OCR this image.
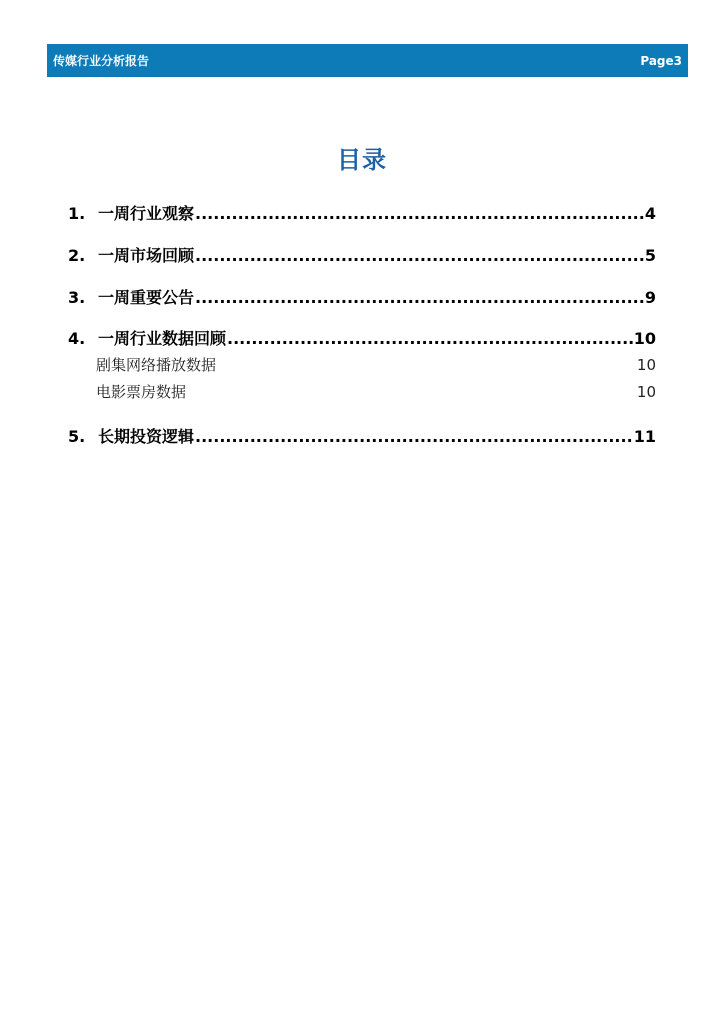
传媒行业分析报告	Page3
目录
1. 一周行业观察 .....	4
2. 一周市场回顾 .....	5
3. 一周重要公告 .....	9
4. 一周行业数据回顾 .....	10
剧集网络播放数据	10
电影票房数据	10
5. 长期投资逻辑 .....	11
